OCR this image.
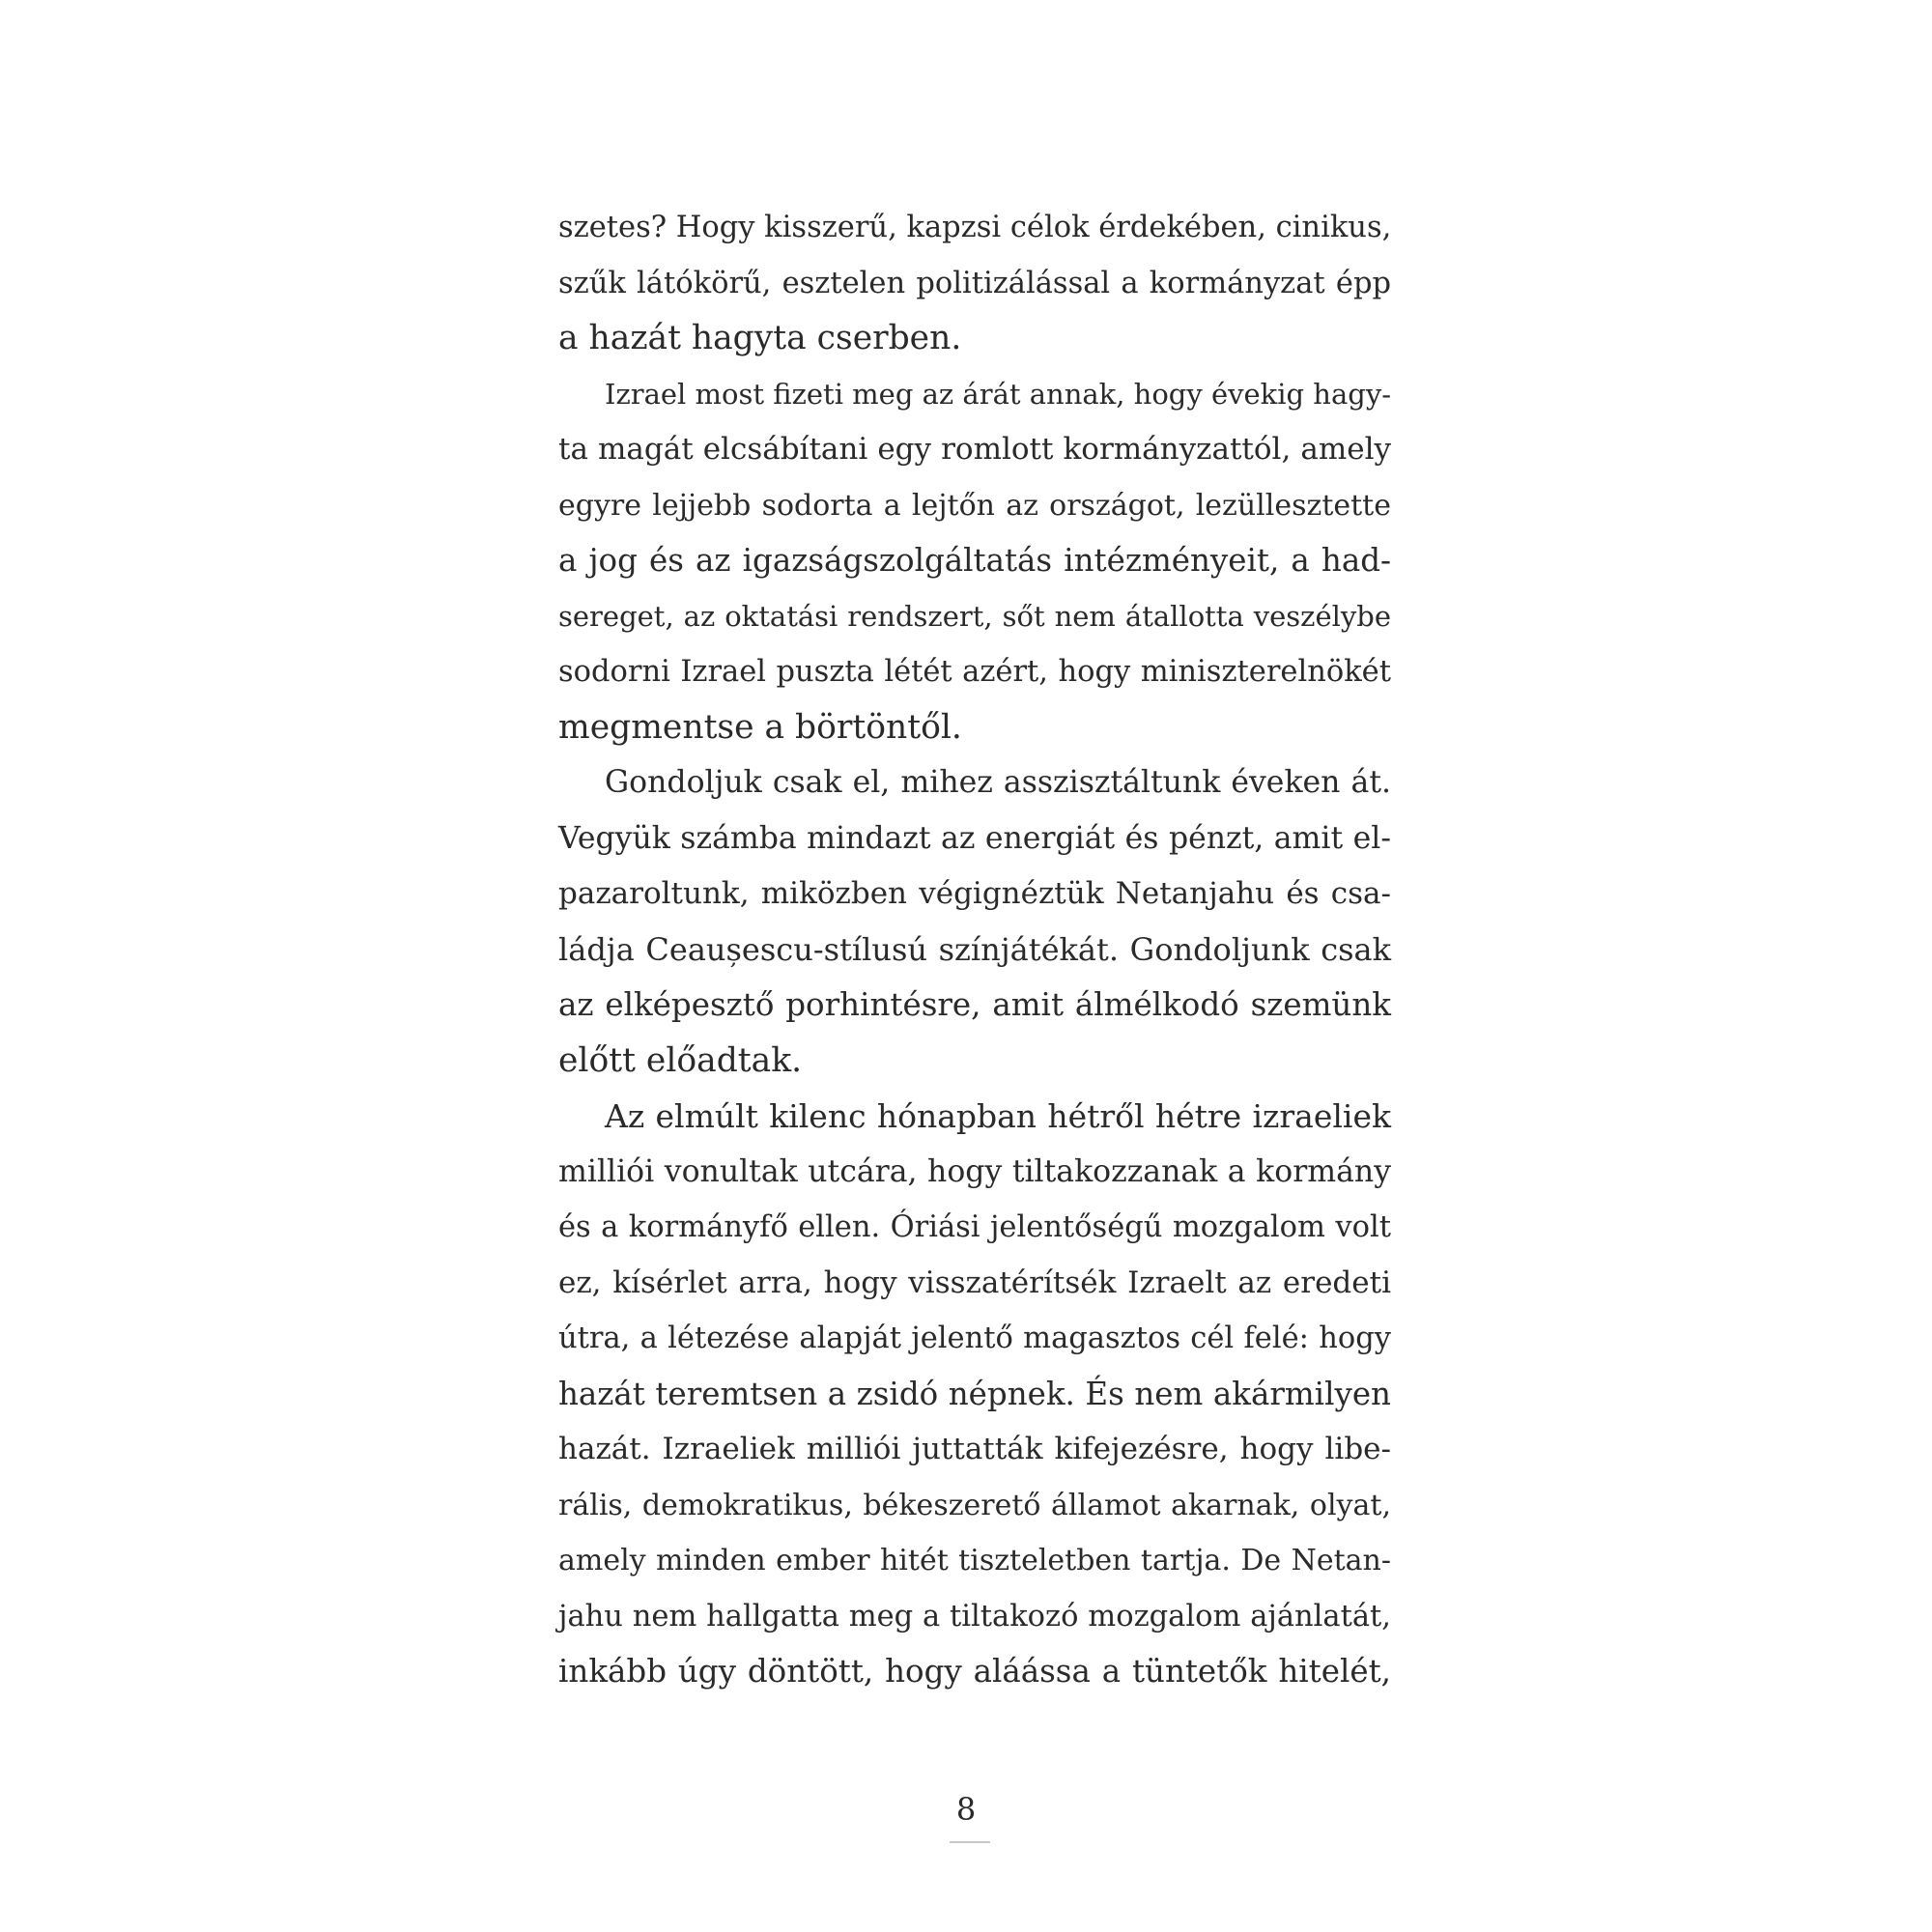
szetes? Hogy kisszerű, kapzsi célok érdekében, cinikus,
szűk látókörű, esztelen politizálással a kormányzat épp
a hazát hagyta cserben.
Izrael most fizeti meg az árát annak, hogy évekig hagy-
ta magát elcsábítani egy romlott kormányzattól, amely
egyre lejjebb sodorta a lejtőn az országot, lezüllesztette
a jog és az igazságszolgáltatás intézményeit, a had-
sereget, az oktatási rendszert, sőt nem átallotta veszélybe
sodorni Izrael puszta létét azért, hogy miniszterelnökét
megmentse a börtöntől.
Gondoljuk csak el, mihez asszisztáltunk éveken át.
Vegyük számba mindazt az energiát és pénzt, amit el-
pazaroltunk, miközben végignéztük Netanjahu és csa-
ládja Ceaușescu-stílusú színjátékát. Gondoljunk csak
az elképesztő porhintésre, amit álmélkodó szemünk
előtt előadtak.
Az elmúlt kilenc hónapban hétről hétre izraeliek
milliói vonultak utcára, hogy tiltakozzanak a kormány
és a kormányfő ellen. Óriási jelentőségű mozgalom volt
ez, kísérlet arra, hogy visszatérítsék Izraelt az eredeti
útra, a létezése alapját jelentő magasztos cél felé: hogy
hazát teremtsen a zsidó népnek. És nem akármilyen
hazát. Izraeliek milliói juttatták kifejezésre, hogy libe-
rális, demokratikus, békeszerető államot akarnak, olyat,
amely minden ember hitét tiszteletben tartja. De Netan-
jahu nem hallgatta meg a tiltakozó mozgalom ajánlatát,
inkább úgy döntött, hogy aláássa a tüntetők hitelét,
8
